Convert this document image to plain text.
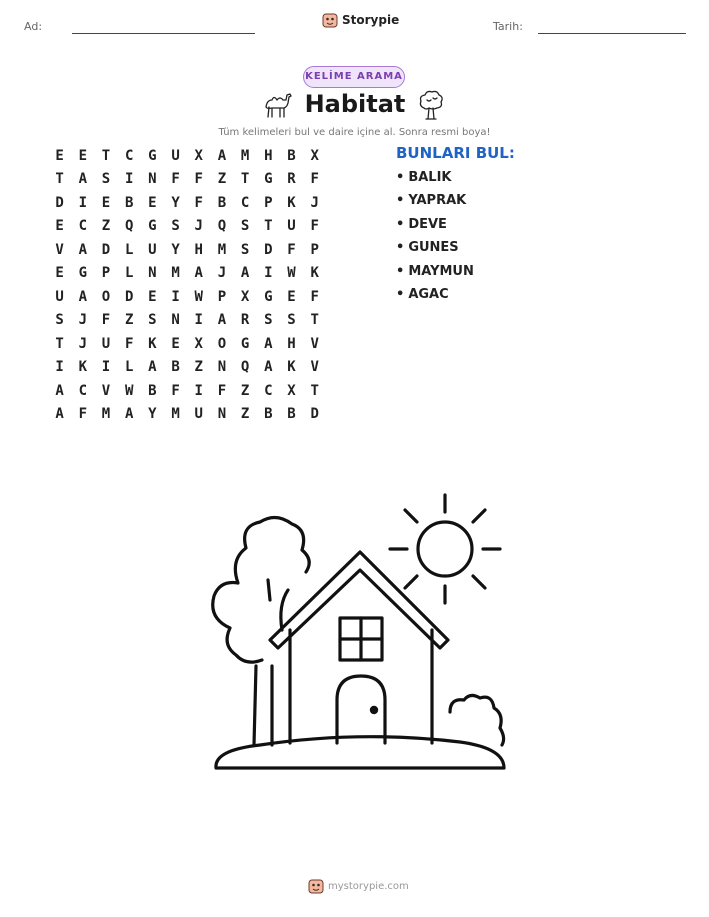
Ad:	Storypie	Tarih:
KELİME ARAMA
Habitat
Tüm kelimeleri bul ve daire içine al. Sonra resmi boya!
E	E	T	C	G	U	X	A	M	H	B	X
T	A	S	I	N	F	F	Z	T	G	R	F
D	I	E	B	E	Y	F	B	C	P	K	J
E	C	Z	Q	G	S	J	Q	S	T	U	F
V	A	D	L	U	Y	H	M	S	D	F	P
E	G	P	L	N	M	A	J	A	I	W	K
U	A	O	D	E	I	W	P	X	G	E	F
S	J	F	Z	S	N	I	A	R	S	S	T
T	J	U	F	K	E	X	O	G	A	H	V
I	K	I	L	A	B	Z	N	Q	A	K	V
A	C	V	W	B	F	I	F	Z	C	X	T
A	F	M	A	Y	M	U	N	Z	B	B	D
BUNLARI BUL:
• BALIK
• YAPRAK
• DEVE
• GUNES
• MAYMUN
• AGAC
mystorypie.com
